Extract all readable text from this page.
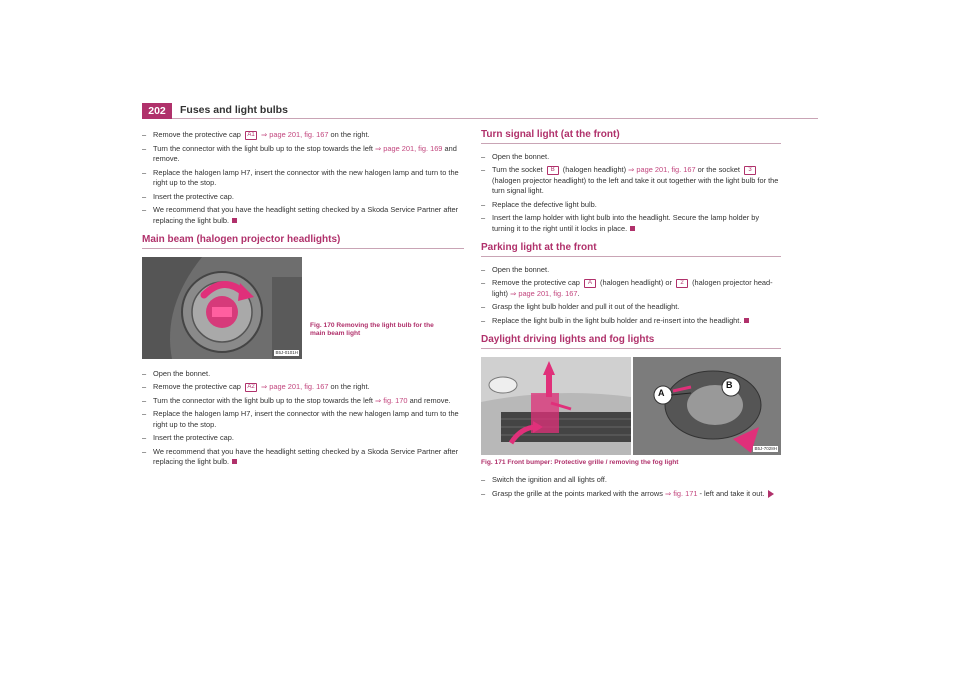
202	Fuses and light bulbs
– Remove the protective cap A1 ⇒ page 201, fig. 167 on the right.
– Turn the connector with the light bulb up to the stop towards the left ⇒ page 201, fig. 169 and remove.
– Replace the halogen lamp H7, insert the connector with the new halogen lamp and turn to the right up to the stop.
– Insert the protective cap.
– We recommend that you have the headlight setting checked by a Skoda Service Partner after replacing the light bulb.
Main beam (halogen projector headlights)
B5J-0101H
Fig. 170 Removing the light bulb for the main beam light
– Open the bonnet.
– Remove the protective cap A2 ⇒ page 201, fig. 167 on the right.
– Turn the connector with the light bulb up to the stop towards the left ⇒ fig. 170 and remove.
– Replace the halogen lamp H7, insert the connector with the new halogen lamp and turn to the right up to the stop.
– Insert the protective cap.
– We recommend that you have the headlight setting checked by a Skoda Service Partner after replacing the light bulb.
Turn signal light (at the front)
– Open the bonnet.
– Turn the socket B (halogen headlight) ⇒ page 201, fig. 167 or the socket 3 (halogen projector headlight) to the left and take it out together with the light bulb for the turn signal light.
– Replace the defective light bulb.
– Insert the lamp holder with light bulb into the headlight. Secure the lamp holder by turning it to the right until it locks in place.
Parking light at the front
– Open the bonnet.
– Remove the protective cap A (halogen headlight) or 2 (halogen projector head-light) ⇒ page 201, fig. 167.
– Grasp the light bulb holder and pull it out of the headlight.
– Replace the light bulb in the light bulb holder and re-insert into the headlight.
Daylight driving lights and fog lights
A
B
B5J-7028H
Fig. 171 Front bumper: Protective grille / removing the fog light
– Switch the ignition and all lights off.
– Grasp the grille at the points marked with the arrows ⇒ fig. 171 - left and take it out.
